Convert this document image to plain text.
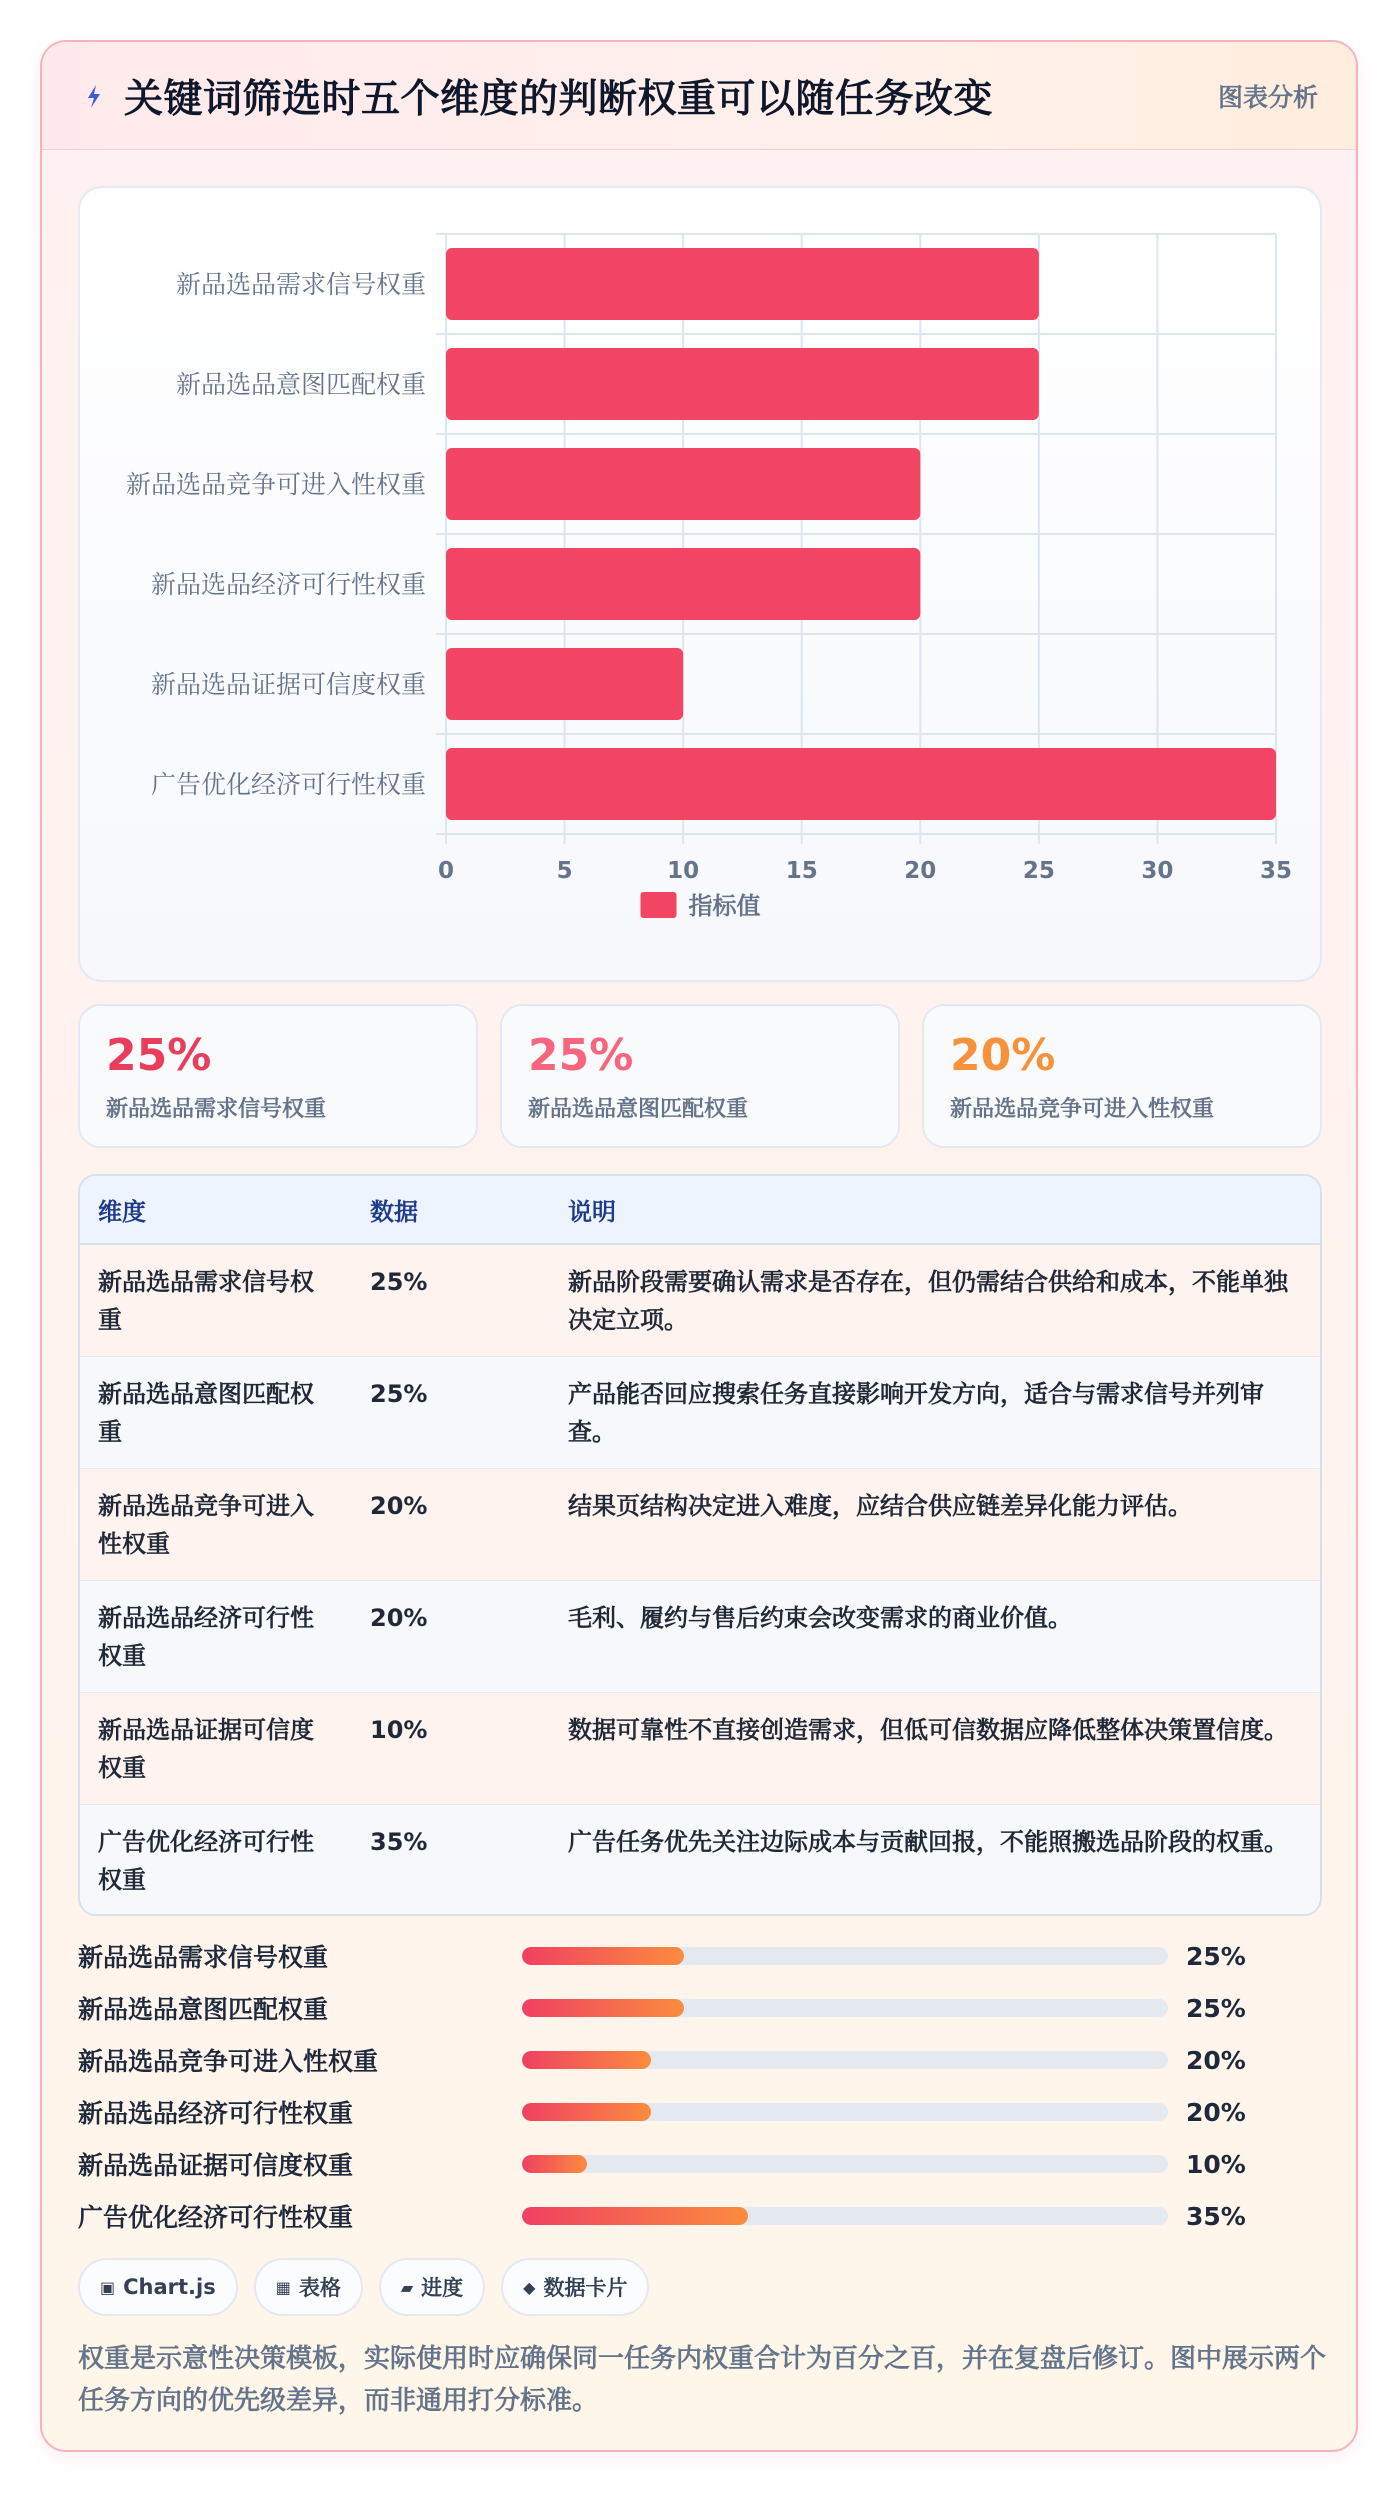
关键词筛选时五个维度的判断权重可以随任务改变	图表分析
0	5	10	15	20	25	30	35
新品选品需求信号权重
新品选品意图匹配权重
新品选品竞争可进入性权重
新品选品经济可行性权重
新品选品证据可信度权重
广告优化经济可行性权重
指标值
25%
新品选品需求信号权重
25%
新品选品意图匹配权重
20%
新品选品竞争可进入性权重
维度	数据	说明
新品选品需求信号权重	25%	新品阶段需要确认需求是否存在，但仍需结合供给和成本，不能单独决定立项。
新品选品意图匹配权重	25%	产品能否回应搜索任务直接影响开发方向，适合与需求信号并列审查。
新品选品竞争可进入性权重	20%	结果页结构决定进入难度，应结合供应链差异化能力评估。
新品选品经济可行性权重	20%	毛利、履约与售后约束会改变需求的商业价值。
新品选品证据可信度权重	10%	数据可靠性不直接创造需求，但低可信数据应降低整体决策置信度。
广告优化经济可行性权重	35%	广告任务优先关注边际成本与贡献回报，不能照搬选品阶段的权重。
新品选品需求信号权重	25%
新品选品意图匹配权重	25%
新品选品竞争可进入性权重	20%
新品选品经济可行性权重	20%
新品选品证据可信度权重	10%
广告优化经济可行性权重	35%
▣ Chart.js	▦ 表格	▰ 进度	◆ 数据卡片
权重是示意性决策模板，实际使用时应确保同一任务内权重合计为百分之百，并在复盘后修订。图中展示两个任务方向的优先级差异，而非通用打分标准。
